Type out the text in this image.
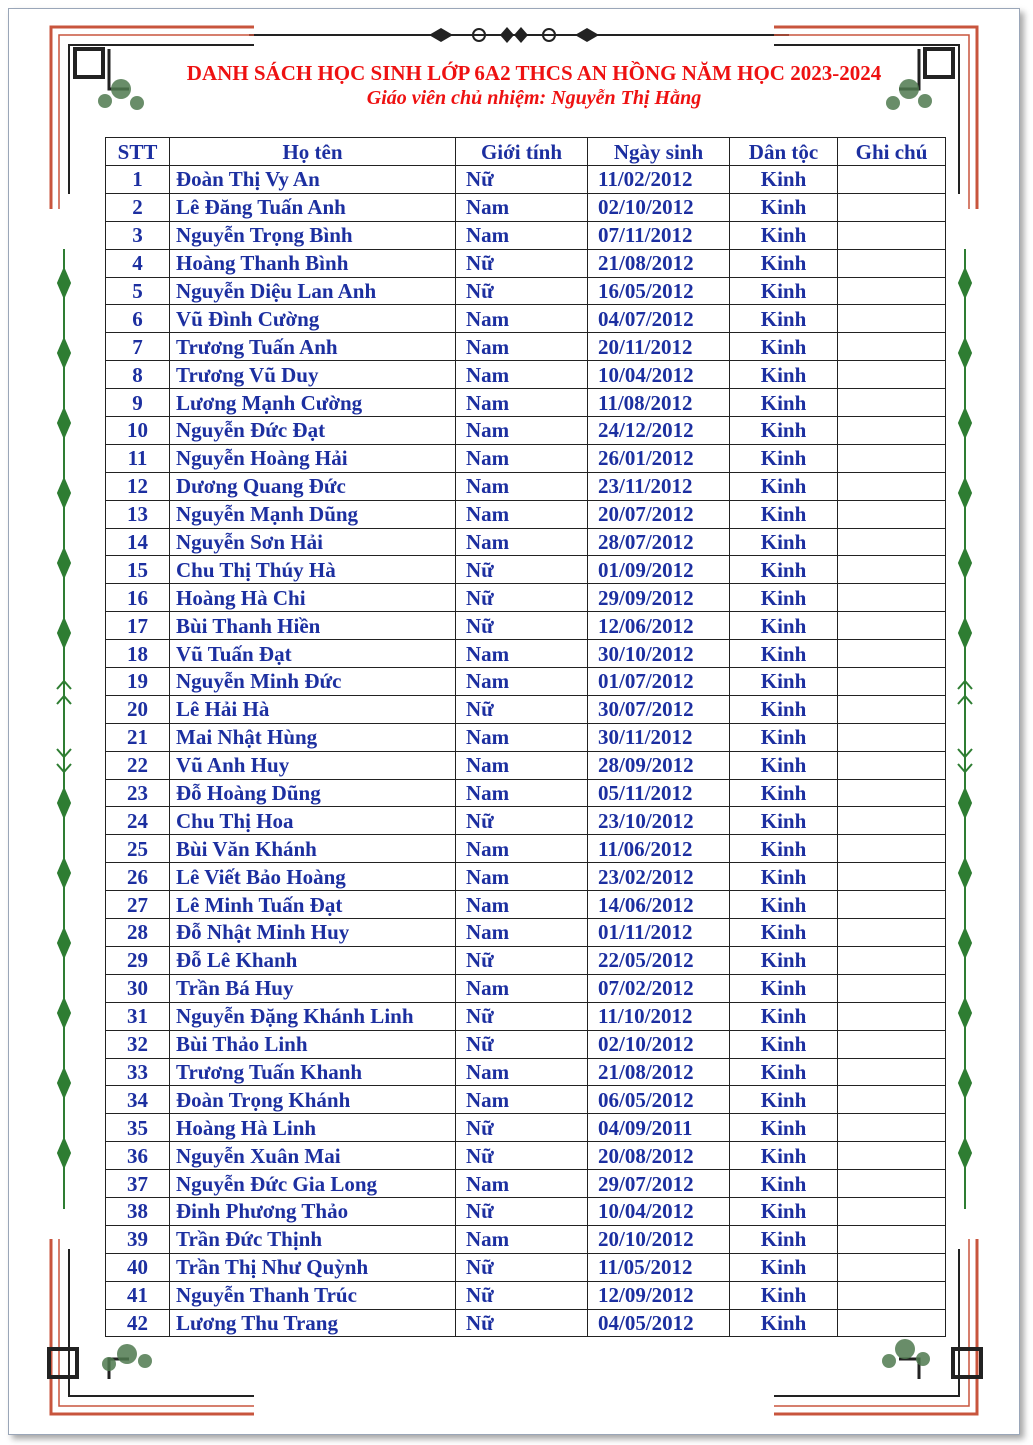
DANH SÁCH HỌC SINH LỚP 6A2 THCS AN HỒNG NĂM HỌC 2023-2024
Giáo viên chủ nhiệm: Nguyễn Thị Hằng
STT	Họ tên	Giới tính	Ngày sinh	Dân tộc	Ghi chú
1	Đoàn Thị Vy An	Nữ	11/02/2012	Kinh	
2	Lê Đăng Tuấn Anh	Nam	02/10/2012	Kinh	
3	Nguyễn Trọng Bình	Nam	07/11/2012	Kinh	
4	Hoàng Thanh Bình	Nữ	21/08/2012	Kinh	
5	Nguyễn Diệu Lan Anh	Nữ	16/05/2012	Kinh	
6	Vũ Đình Cường	Nam	04/07/2012	Kinh	
7	Trương Tuấn Anh	Nam	20/11/2012	Kinh	
8	Trương Vũ Duy	Nam	10/04/2012	Kinh	
9	Lương Mạnh Cường	Nam	11/08/2012	Kinh	
10	Nguyễn Đức Đạt	Nam	24/12/2012	Kinh	
11	Nguyễn Hoàng Hải	Nam	26/01/2012	Kinh	
12	Dương Quang Đức	Nam	23/11/2012	Kinh	
13	Nguyễn Mạnh Dũng	Nam	20/07/2012	Kinh	
14	Nguyễn Sơn Hải	Nam	28/07/2012	Kinh	
15	Chu Thị Thúy Hà	Nữ	01/09/2012	Kinh	
16	Hoàng Hà Chi	Nữ	29/09/2012	Kinh	
17	Bùi Thanh Hiền	Nữ	12/06/2012	Kinh	
18	Vũ Tuấn Đạt	Nam	30/10/2012	Kinh	
19	Nguyễn Minh Đức	Nam	01/07/2012	Kinh	
20	Lê Hải Hà	Nữ	30/07/2012	Kinh	
21	Mai Nhật Hùng	Nam	30/11/2012	Kinh	
22	Vũ Anh Huy	Nam	28/09/2012	Kinh	
23	Đỗ Hoàng Dũng	Nam	05/11/2012	Kinh	
24	Chu Thị Hoa	Nữ	23/10/2012	Kinh	
25	Bùi Văn Khánh	Nam	11/06/2012	Kinh	
26	Lê Viết Bảo Hoàng	Nam	23/02/2012	Kinh	
27	Lê Minh Tuấn Đạt	Nam	14/06/2012	Kinh	
28	Đỗ Nhật Minh Huy	Nam	01/11/2012	Kinh	
29	Đỗ Lê Khanh	Nữ	22/05/2012	Kinh	
30	Trần Bá Huy	Nam	07/02/2012	Kinh	
31	Nguyễn Đặng Khánh Linh	Nữ	11/10/2012	Kinh	
32	Bùi Thảo Linh	Nữ	02/10/2012	Kinh	
33	Trương Tuấn Khanh	Nam	21/08/2012	Kinh	
34	Đoàn Trọng Khánh	Nam	06/05/2012	Kinh	
35	Hoàng Hà Linh	Nữ	04/09/2011	Kinh	
36	Nguyễn Xuân Mai	Nữ	20/08/2012	Kinh	
37	Nguyễn Đức Gia Long	Nam	29/07/2012	Kinh	
38	Đinh Phương Thảo	Nữ	10/04/2012	Kinh	
39	Trần Đức Thịnh	Nam	20/10/2012	Kinh	
40	Trần Thị Như Quỳnh	Nữ	11/05/2012	Kinh	
41	Nguyễn Thanh Trúc	Nữ	12/09/2012	Kinh	
42	Lương Thu Trang	Nữ	04/05/2012	Kinh	
